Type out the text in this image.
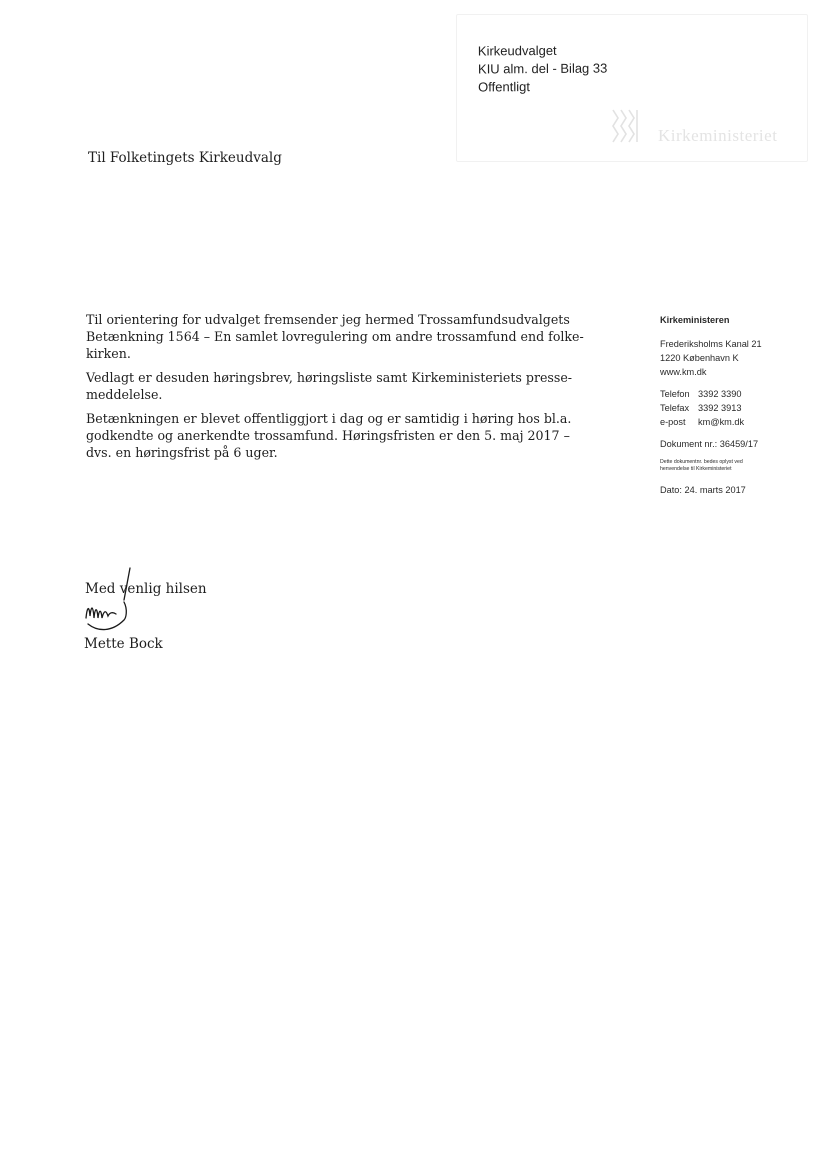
Kirkeudvalget
KIU alm. del - Bilag 33
Offentligt
Kirkeministeriet
Til Folketingets Kirkeudvalg

Til orientering for udvalget fremsender jeg hermed Trossamfundsudvalgets
Betænkning 1564 – En samlet lovregulering om andre trossamfund end folke-
kirken.

Vedlagt er desuden høringsbrev, høringsliste samt Kirkeministeriets presse-
meddelelse.

Betænkningen er blevet offentliggjort i dag og er samtidig i høring hos bl.a.
godkendte og anerkendte trossamfund. Høringsfristen er den 5. maj 2017 –
dvs. en høringsfrist på 6 uger.

Kirkeministeren
Frederiksholms Kanal 21
1220 København K
www.km.dk
Telefon 3392 3390
Telefax 3392 3913
e-post km@km.dk
Dokument nr.: 36459/17
Dette dokumentnr. bedes oplyst ved
henvendelse til Kirkeministeriet
Dato: 24. marts 2017
Med venlig hilsen
Mette Bock
